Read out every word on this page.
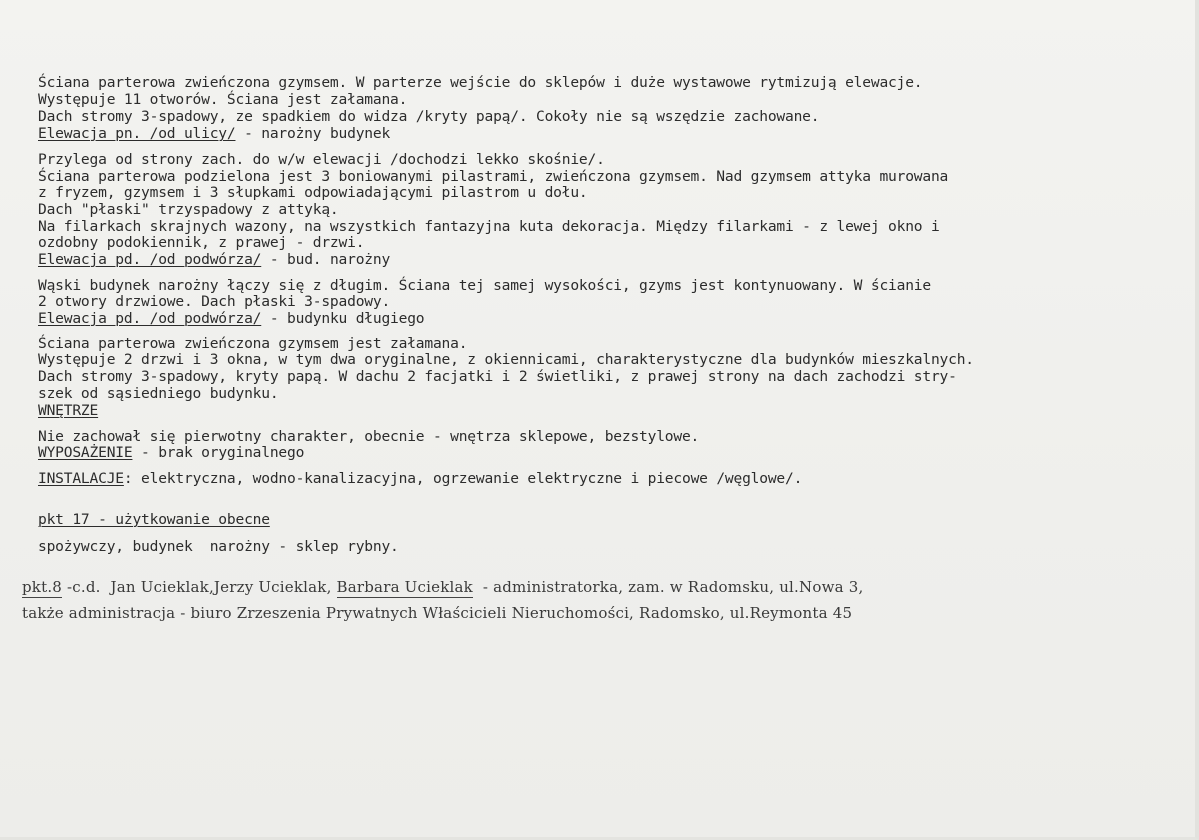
Ściana parterowa zwieńczona gzymsem. W parterze wejście do sklepów i duże wystawowe rytmizują elewacje.
Występuje 11 otworów. Ściana jest załamana.
Dach stromy 3-spadowy, ze spadkiem do widza /kryty papą/. Cokoły nie są wszędzie zachowane.
Elewacja pn. /od ulicy/ - narożny budynek
Przylega od strony zach. do w/w elewacji /dochodzi lekko skośnie/.
Ściana parterowa podzielona jest 3 boniowanymi pilastrami, zwieńczona gzymsem. Nad gzymsem attyka murowana
z fryzem, gzymsem i 3 słupkami odpowiadającymi pilastrom u dołu.
Dach "płaski" trzyspadowy z attyką.
Na filarkach skrajnych wazony, na wszystkich fantazyjna kuta dekoracja. Między filarkami - z lewej okno i
ozdobny podokiennik, z prawej - drzwi.
Elewacja pd. /od podwórza/ - bud. narożny
Wąski budynek narożny łączy się z długim. Ściana tej samej wysokości, gzyms jest kontynuowany. W ścianie
2 otwory drzwiowe. Dach płaski 3-spadowy.
Elewacja pd. /od podwórza/ - budynku długiego
Ściana parterowa zwieńczona gzymsem jest załamana.
Występuje 2 drzwi i 3 okna, w tym dwa oryginalne, z okiennicami, charakterystyczne dla budynków mieszkalnych.
Dach stromy 3-spadowy, kryty papą. W dachu 2 facjatki i 2 świetliki, z prawej strony na dach zachodzi stry-
szek od sąsiedniego budynku.
WNĘTRZE
Nie zachował się pierwotny charakter, obecnie - wnętrza sklepowe, bezstylowe.
WYPOSAŻENIE - brak oryginalnego
INSTALACJE: elektryczna, wodno-kanalizacyjna, ogrzewanie elektryczne i piecowe /węglowe/.
pkt 17 - użytkowanie obecne
spożywczy, budynek  narożny - sklep rybny.
pkt.8 -c.d.  Jan Ucieklak,Jerzy Ucieklak, Barbara Ucieklak  - administratorka, zam. w Radomsku, ul.Nowa 3,
także administracja - biuro Zrzeszenia Prywatnych Właścicieli Nieruchomości, Radomsko, ul.Reymonta 45
